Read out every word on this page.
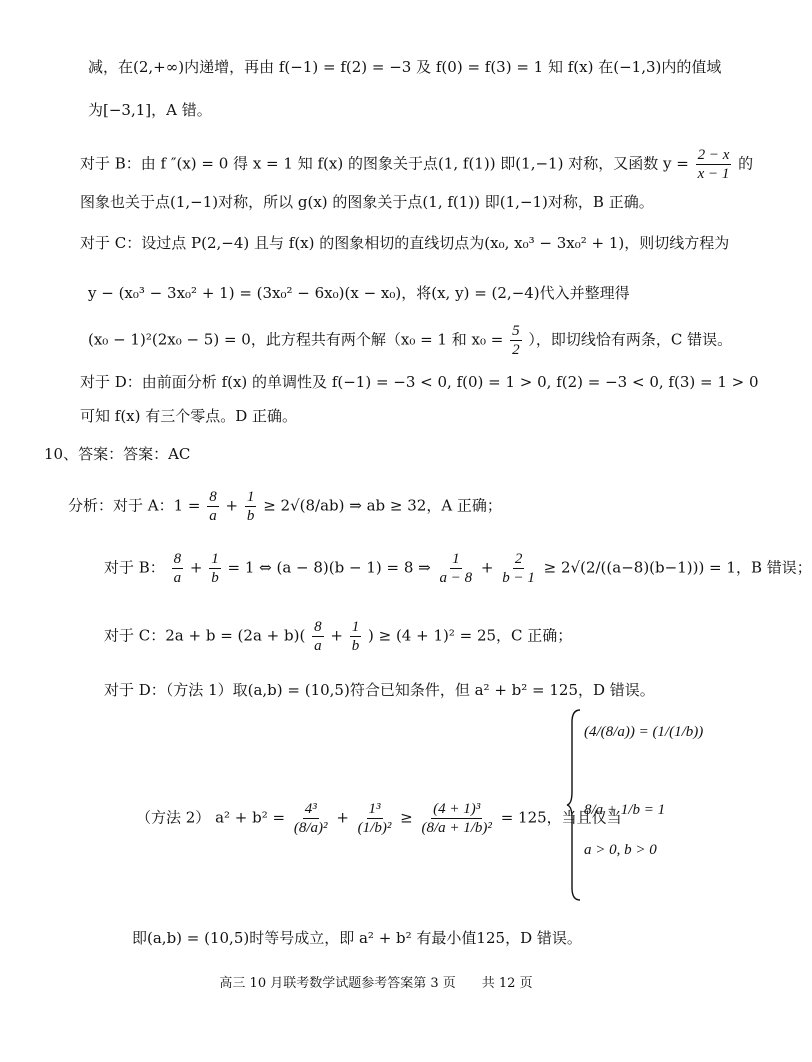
减，在(2,+∞)内递增，再由 f(−1) = f(2) = −3 及 f(0) = f(3) = 1 知 f(x) 在(−1,3)内的值域
为[−3,1]，A 错。
对于 B：由 f ″(x) = 0 得 x = 1 知 f(x) 的图象关于点(1, f(1)) 即(1,−1) 对称，又函数 $y = \frac{2 - x}{x - 1}$ 的
图象也关于点(1,−1)对称，所以 g(x) 的图象关于点(1, f(1)) 即(1,−1)对称，B 正确。
对于 C：设过点 P(2,−4) 且与 f(x) 的图象相切的直线切点为(x₀, x₀³ − 3x₀² + 1)，则切线方程为
y − (x₀³ − 3x₀² + 1) = (3x₀² − 6x₀)(x − x₀)，将(x, y) = (2,−4)代入并整理得
(x₀ − 1)²(2x₀ − 5) = 0，此方程共有两个解（x₀ = 1 和 $x_0 = \frac{5}{2}$ ），即切线恰有两条，C 错误。
对于 D：由前面分析 f(x) 的单调性及 f(−1) = −3 < 0, f(0) = 1 > 0, f(2) = −3 < 0, f(3) = 1 > 0
可知 f(x) 有三个零点。D 正确。
10、答案：答案：AC
分析：对于 A：$1 = \frac{8}{a} + \frac{1}{b} \ge 2√(8/ab)$ ⇒ ab ≥ 32，A 正确；
对于 B： $\frac{8}{a} + \frac{1}{b} = 1$ ⇔ (a − 8)(b − 1) = 8 ⇒ $\frac{1}{a - 8} + \frac{2}{b - 1} \ge 2√(2/((a-8)(b-1))) = 1$，B 错误；
对于 C：$2a + b = (2a + b)( \frac{8}{a} + \frac{1}{b}$ ) ≥ (4 + 1)² = 25，C 正确；
对于 D：（方法 1）取(a,b) = (10,5)符合已知条件，但 a² + b² = 125，D 错误。
（方法 2） $a^2 + b^2 = \frac{\text{4³}}{\text{(8/a)²}} + \frac{\text{1³}}{\text{(1/b)²}} \ge \frac{\text{(4 + 1)³}}{\text{(8/a + 1/b)²}} = 125$，当且仅当
(4/(8/a)) = (1/(1/b))
8/a + 1/b = 1
a > 0, b > 0
即(a,b) = (10,5)时等号成立，即 a² + b² 有最小值125，D 错误。
高三 10 月联考数学试题参考答案第 3 页　　共 12 页
